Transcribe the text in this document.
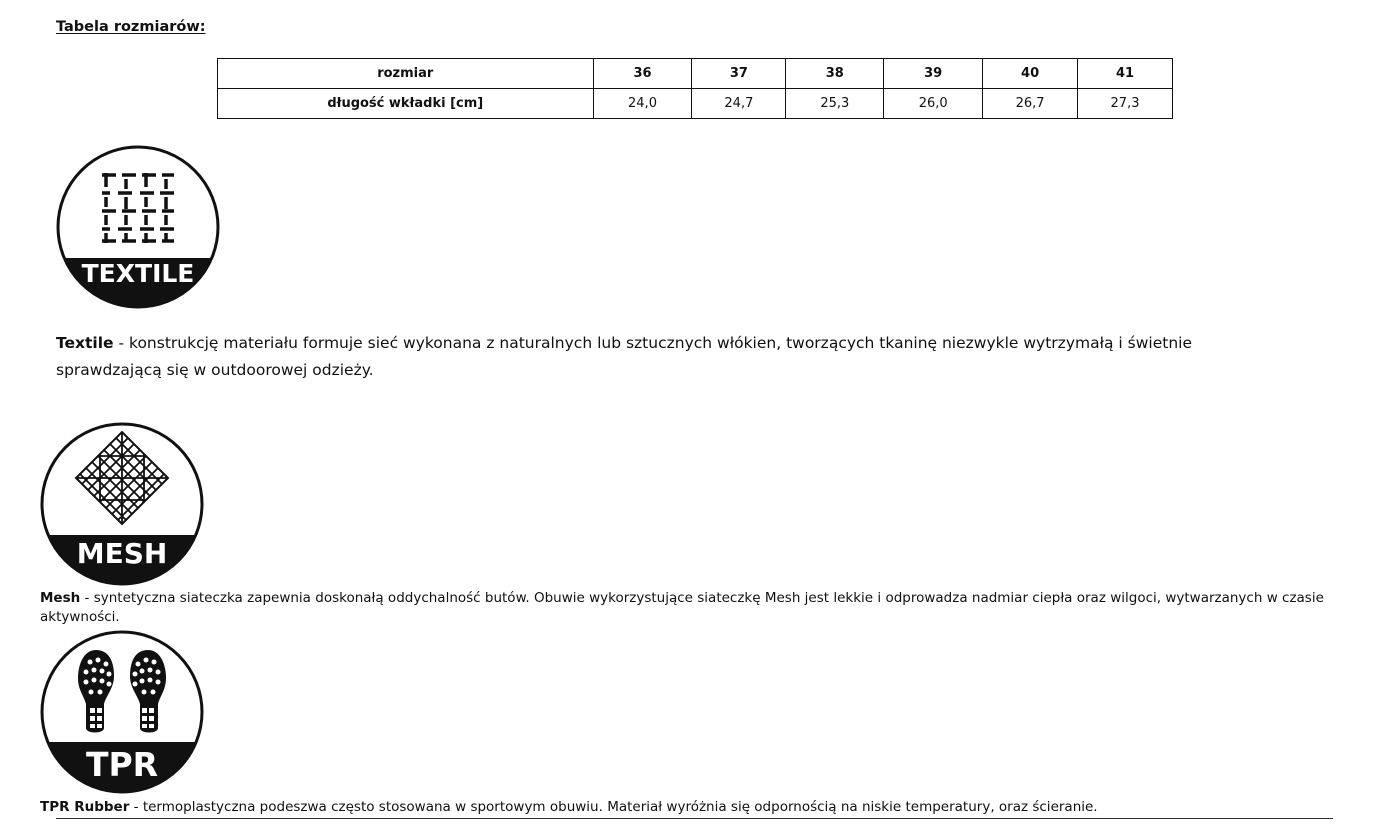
Tabela rozmiarów:
rozmiar	36	37	38	39	40	41
długość wkładki [cm]	24,0	24,7	25,3	26,0	26,7	27,3
TEXTILE

Textile - konstrukcję materiału formuje sieć wykonana z naturalnych lub sztucznych włókien, tworzących tkaninę niezwykle wytrzymałą i świetnie sprawdzającą się w outdoorowej odzieży.

MESH

Mesh - syntetyczna siateczka zapewnia doskonałą oddychalność butów. Obuwie wykorzystujące siateczkę Mesh jest lekkie i odprowadza nadmiar ciepła oraz wilgoci, wytwarzanych w czasie aktywności.

TPR

TPR Rubber - termoplastyczna podeszwa często stosowana w sportowym obuwiu. Materiał wyróżnia się odpornością na niskie temperatury, oraz ścieranie.
